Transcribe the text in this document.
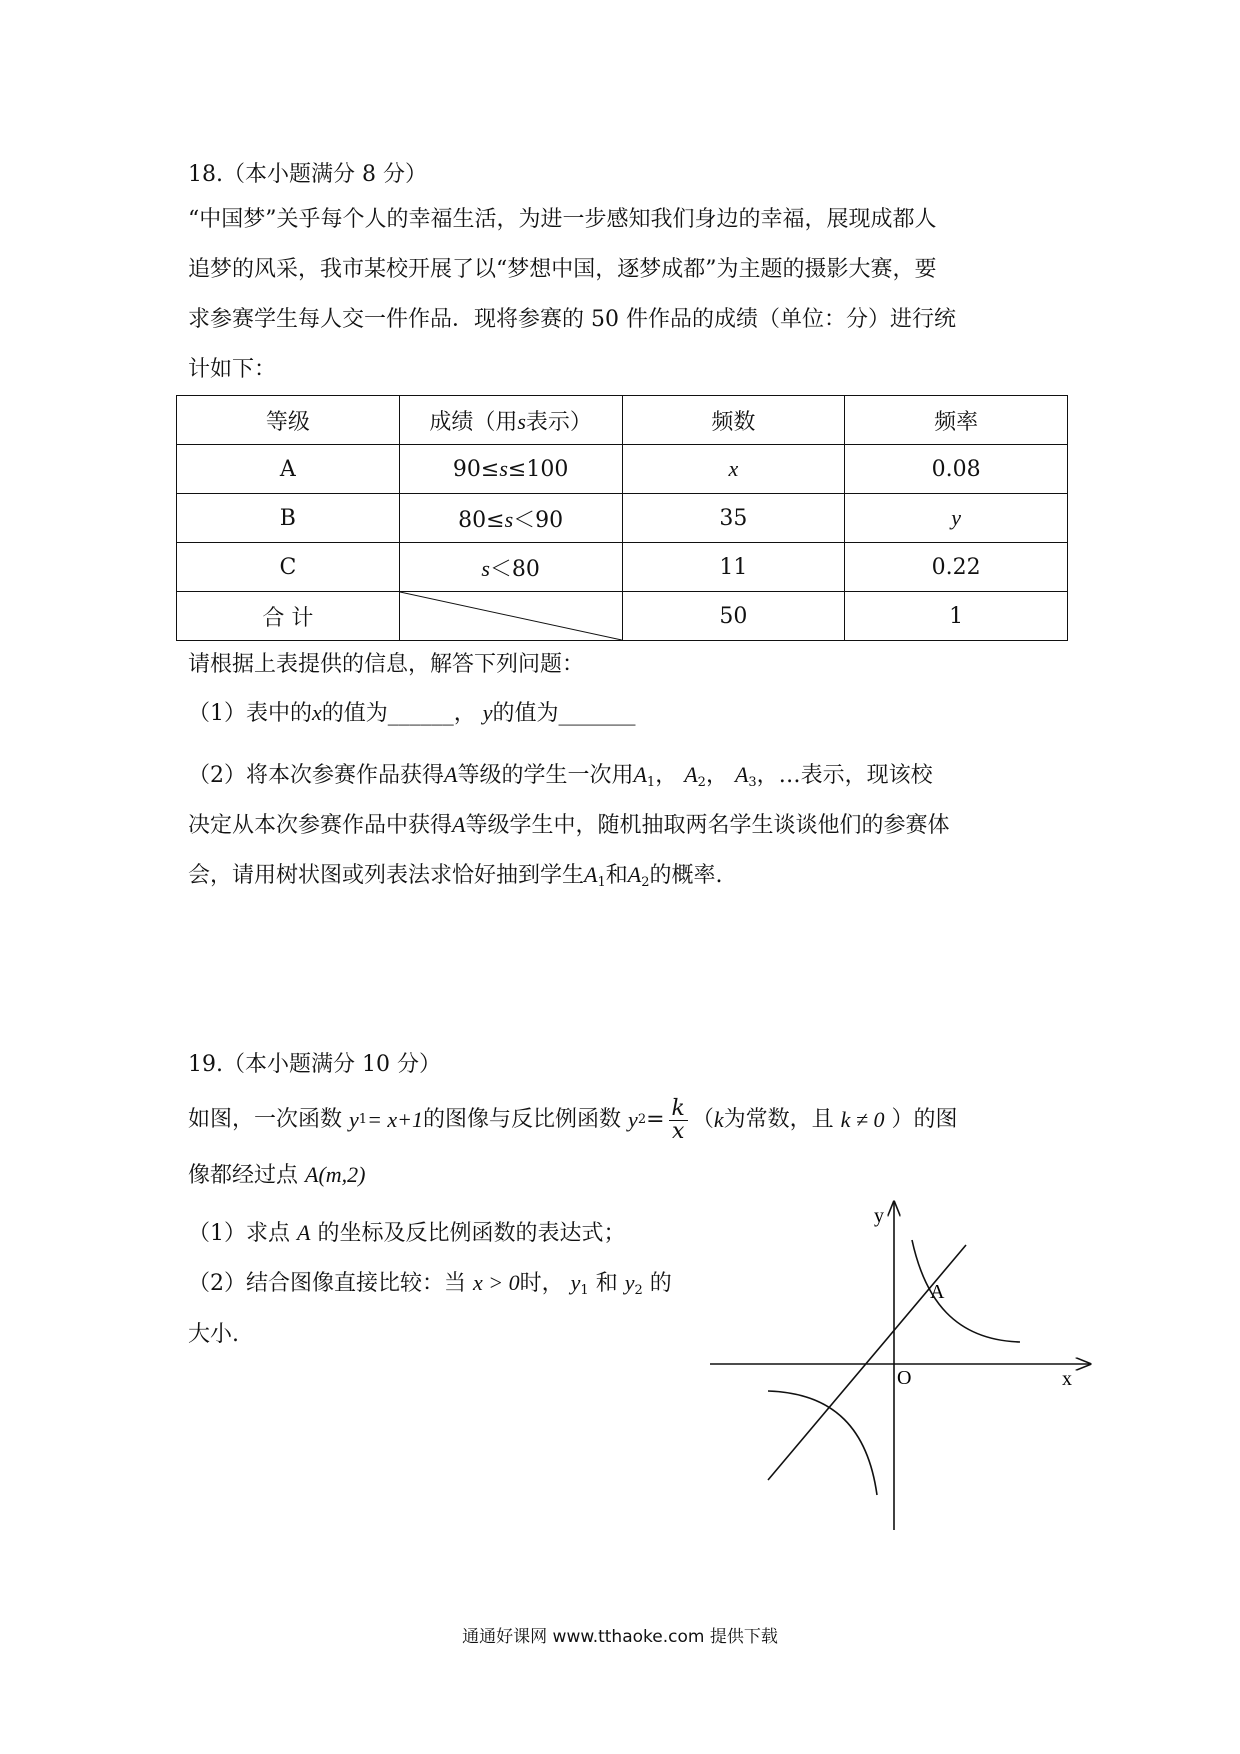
18.（本小题满分 8 分）
“中国梦”关乎每个人的幸福生活，为进一步感知我们身边的幸福，展现成都人
追梦的风采，我市某校开展了以“梦想中国，逐梦成都”为主题的摄影大赛，要
求参赛学生每人交一件作品．现将参赛的 50 件作品的成绩（单位：分）进行统
计如下：
等级	成绩（用s表示）	频数	频率
A	90≤s≤100	x	0.08
B	80≤s＜90	35	y
C	s＜80	11	0.22
合 计		50	1
请根据上表提供的信息，解答下列问题：
（1）表中的x的值为______， y的值为_______
（2）将本次参赛作品获得A等级的学生一次用$A_1$， $A_2$， $A_3$，…表示，现该校
决定从本次参赛作品中获得A等级学生中，随机抽取两名学生谈谈他们的参赛体
会，请用树状图或列表法求恰好抽到学生$A_1$和$A_2$的概率.
19.（本小题满分 10 分）
如图，一次函数
y 1 = x+1 的图像与反比例函数
y $2 = \frac{k}{x}$ （ k 为常数，且
k ≠ 0
）的图
像都经过点 A(m,2)
（1）求点 A 的坐标及反比例函数的表达式；
（2）结合图像直接比较：当 x > 0时， $y_1$ 和 $y_2$ 的
大小.
y
x
O
A
通通好课网 www.tthaoke.com 提供下载
